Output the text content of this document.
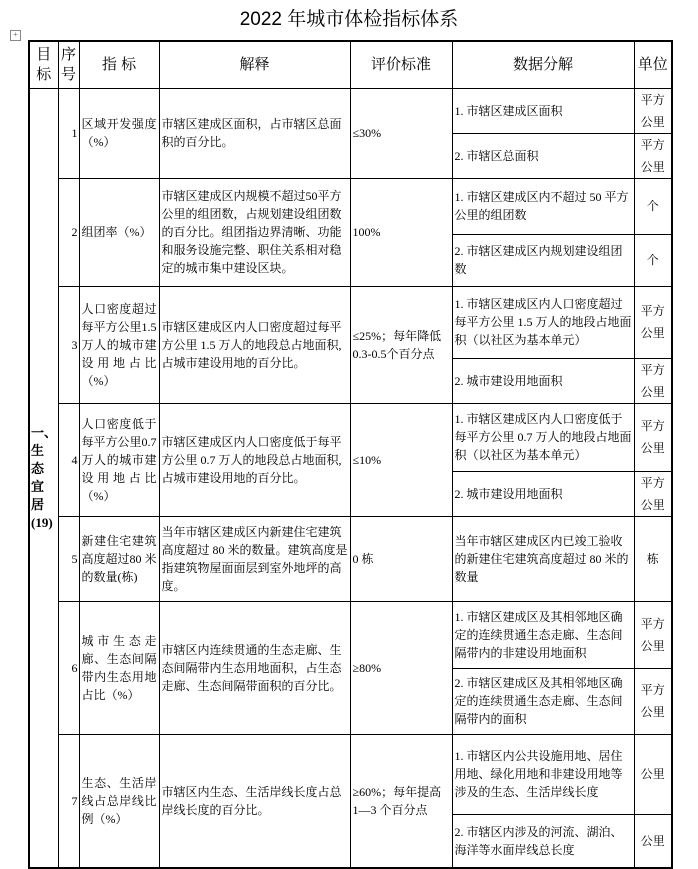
2022 年城市体检指标体系
+
目标	序号	指 标	解释	评价标准	数据分解	单位
一、生态宜居(19)	1	区域开发强度（%）	市辖区建成区面积，占市辖区总面积的百分比。	≤30%	1. 市辖区建成区面积	平方公里
					2. 市辖区总面积	平方公里
	2	组团率（%）	市辖区建成区内规模不超过50平方公里的组团数，占规划建设组团数的百分比。组团指边界清晰、功能和服务设施完整、职住关系相对稳定的城市集中建设区块。	100%	1. 市辖区建成区内不超过 50 平方公里的组团数	个
					2. 市辖区建成区内规划建设组团数	个
	3	人口密度超过每平方公里1.5万人的城市建设用地占比（%）	市辖区建成区内人口密度超过每平方公里 1.5 万人的地段总占地面积,占城市建设用地的百分比。	≤25%；每年降低0.3-0.5个百分点	1. 市辖区建成区内人口密度超过每平方公里 1.5 万人的地段占地面积（以社区为基本单元）	平方公里
					2. 城市建设用地面积	平方公里
	4	人口密度低于每平方公里0.7万人的城市建设用地占比（%）	市辖区建成区内人口密度低于每平方公里 0.7 万人的地段总占地面积,占城市建设用地的百分比。	≤10%	1. 市辖区建成区内人口密度低于每平方公里 0.7 万人的地段占地面积（以社区为基本单元）	平方公里
					2. 城市建设用地面积	平方公里
	5	新建住宅建筑高度超过80 米的数量(栋)	当年市辖区建成区内新建住宅建筑高度超过 80 米的数量。建筑高度是指建筑物屋面面层到室外地坪的高度。	0 栋	当年市辖区建成区内已竣工验收的新建住宅建筑高度超过 80 米的数量	栋
	6	城市生态走廊、生态间隔带内生态用地占比（%）	市辖区内连续贯通的生态走廊、生态间隔带内生态用地面积，占生态走廊、生态间隔带面积的百分比。	≥80%	1. 市辖区建成区及其相邻地区确定的连续贯通生态走廊、生态间隔带内的非建设用地面积	平方公里
					2. 市辖区建成区及其相邻地区确定的连续贯通生态走廊、生态间隔带内的面积	平方公里
	7	生态、生活岸线占总岸线比例（%）	市辖区内生态、生活岸线长度占总岸线长度的百分比。	≥60%；每年提高 1—3 个百分点	1. 市辖区内公共设施用地、居住用地、绿化用地和非建设用地等涉及的生态、生活岸线长度	公里
					2. 市辖区内涉及的河流、湖泊、海洋等水面岸线总长度	公里
